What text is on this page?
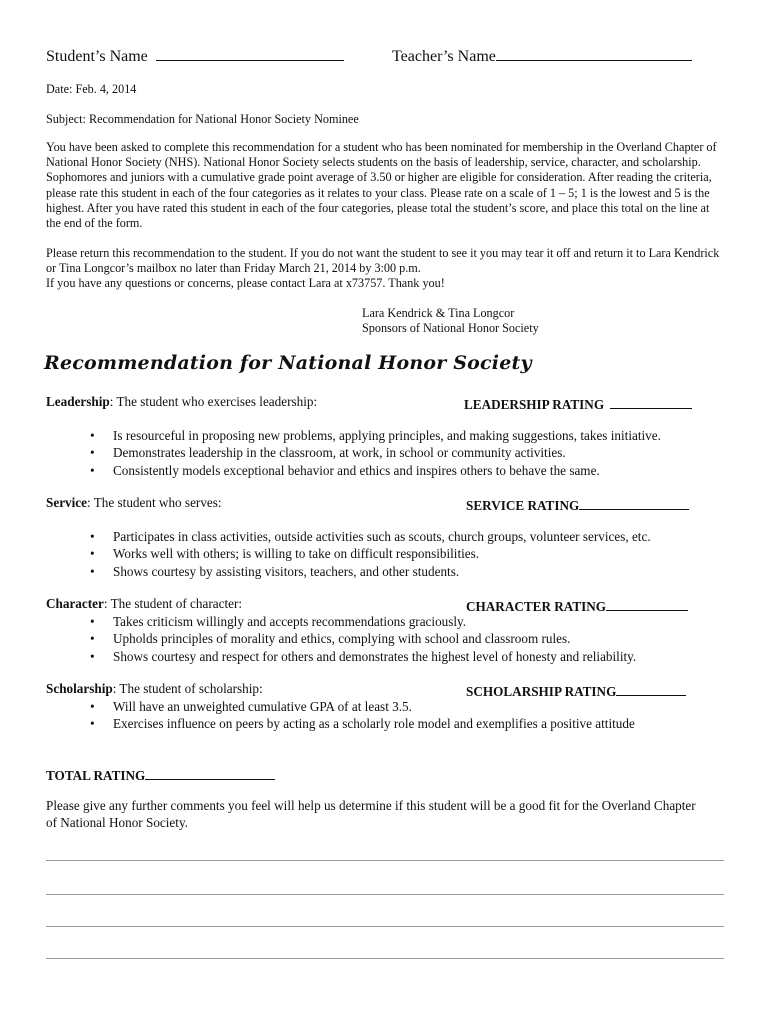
Student’s Name	Teacher’s Name
Date: Feb. 4, 2014
Subject: Recommendation for National Honor Society Nominee

You have been asked to complete this recommendation for a student who has been nominated for membership in the Overland Chapter of National Honor Society (NHS). National Honor Society selects students on the basis of leadership, service, character, and scholarship. Sophomores and juniors with a cumulative grade point average of 3.50 or higher are eligible for consideration. After reading the criteria, please rate this student in each of the four categories as it relates to your class. Please rate on a scale of 1 – 5; 1 is the lowest and 5 is the highest. After you have rated this student in each of the four categories, please total the student’s score, and place this total on the line at the end of the form.

Please return this recommendation to the student. If you do not want the student to see it you may tear it off and return it to Lara Kendrick or Tina Longcor’s mailbox no later than Friday March 21, 2014 by 3:00 p.m.

If you have any questions or concerns, please contact Lara at x73757. Thank you!

Lara Kendrick & Tina Longcor
Sponsors of National Honor Society
Recommendation for National Honor Society
Leadership: The student who exercises leadership:	LEADERSHIP RATING
• Is resourceful in proposing new problems, applying principles, and making suggestions, takes initiative.
• Demonstrates leadership in the classroom, at work, in school or community activities.
• Consistently models exceptional behavior and ethics and inspires others to behave the same.
Service: The student who serves:	SERVICE RATING
• Participates in class activities, outside activities such as scouts, church groups, volunteer services, etc.
• Works well with others; is willing to take on difficult responsibilities.
• Shows courtesy by assisting visitors, teachers, and other students.
Character: The student of character:	CHARACTER RATING
• Takes criticism willingly and accepts recommendations graciously.
• Upholds principles of morality and ethics, complying with school and classroom rules.
• Shows courtesy and respect for others and demonstrates the highest level of honesty and reliability.
Scholarship: The student of scholarship:	SCHOLARSHIP RATING
• Will have an unweighted cumulative GPA of at least 3.5.
• Exercises influence on peers by acting as a scholarly role model and exemplifies a positive attitude
TOTAL RATING

Please give any further comments you feel will help us determine if this student will be a good fit for the Overland Chapter of National Honor Society.
